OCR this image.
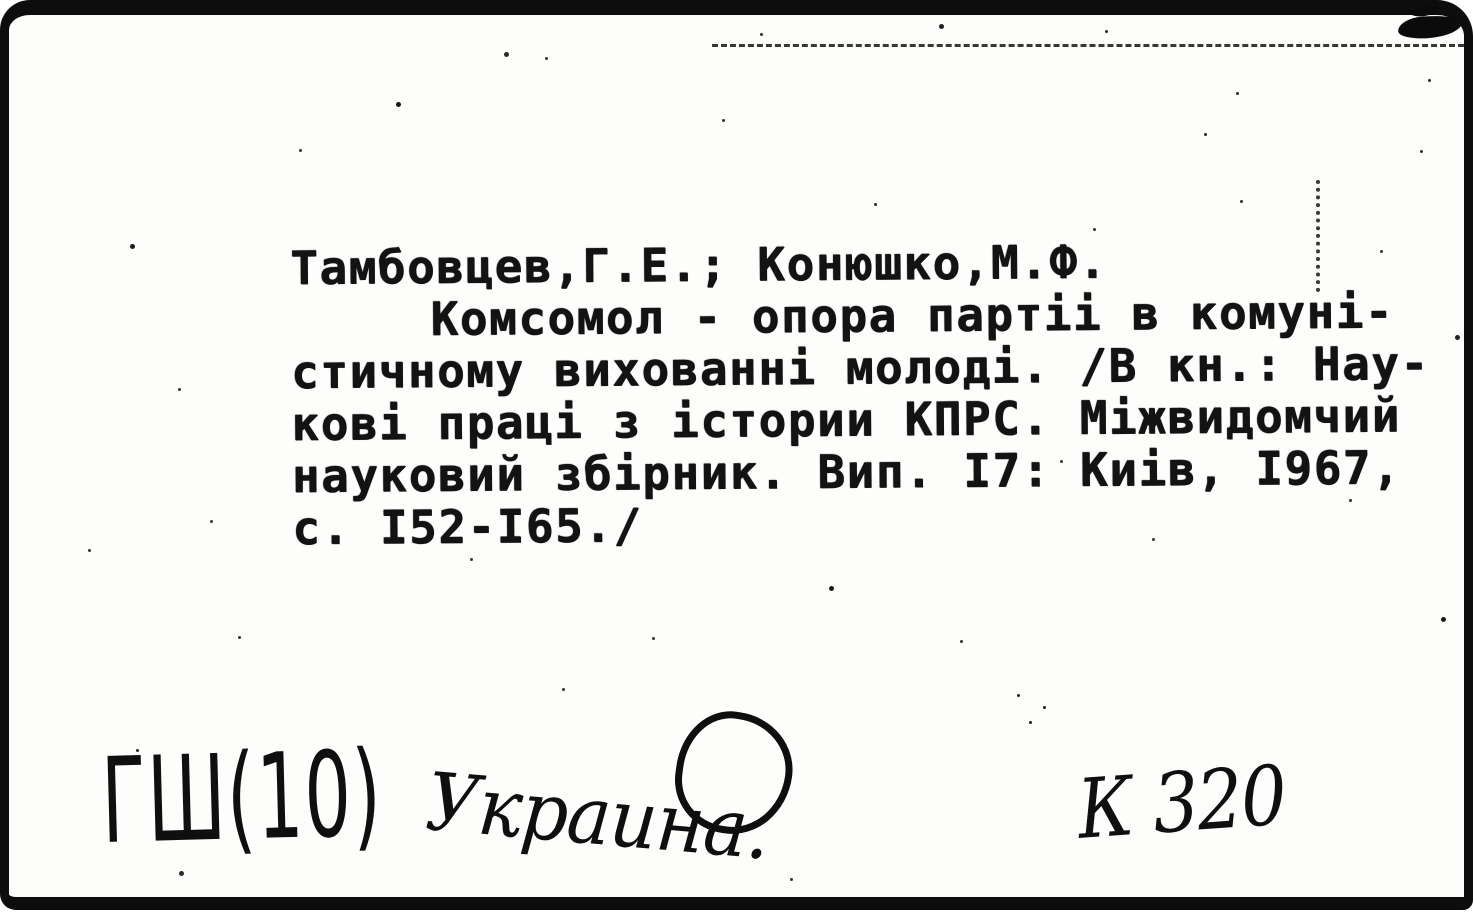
Тамбовцев,Г.Е.; Конюшко,М.Ф.
Комсомол - опора партіі в комуні-
стичному вихованні молоді. /В кн.: Нау-
кові праці з істории КПРС. Міжвидомчий
науковий збірник. Вип. I7: Киів, I967,
с. I52-I65./
ГШ(10) Украина.	К 320
